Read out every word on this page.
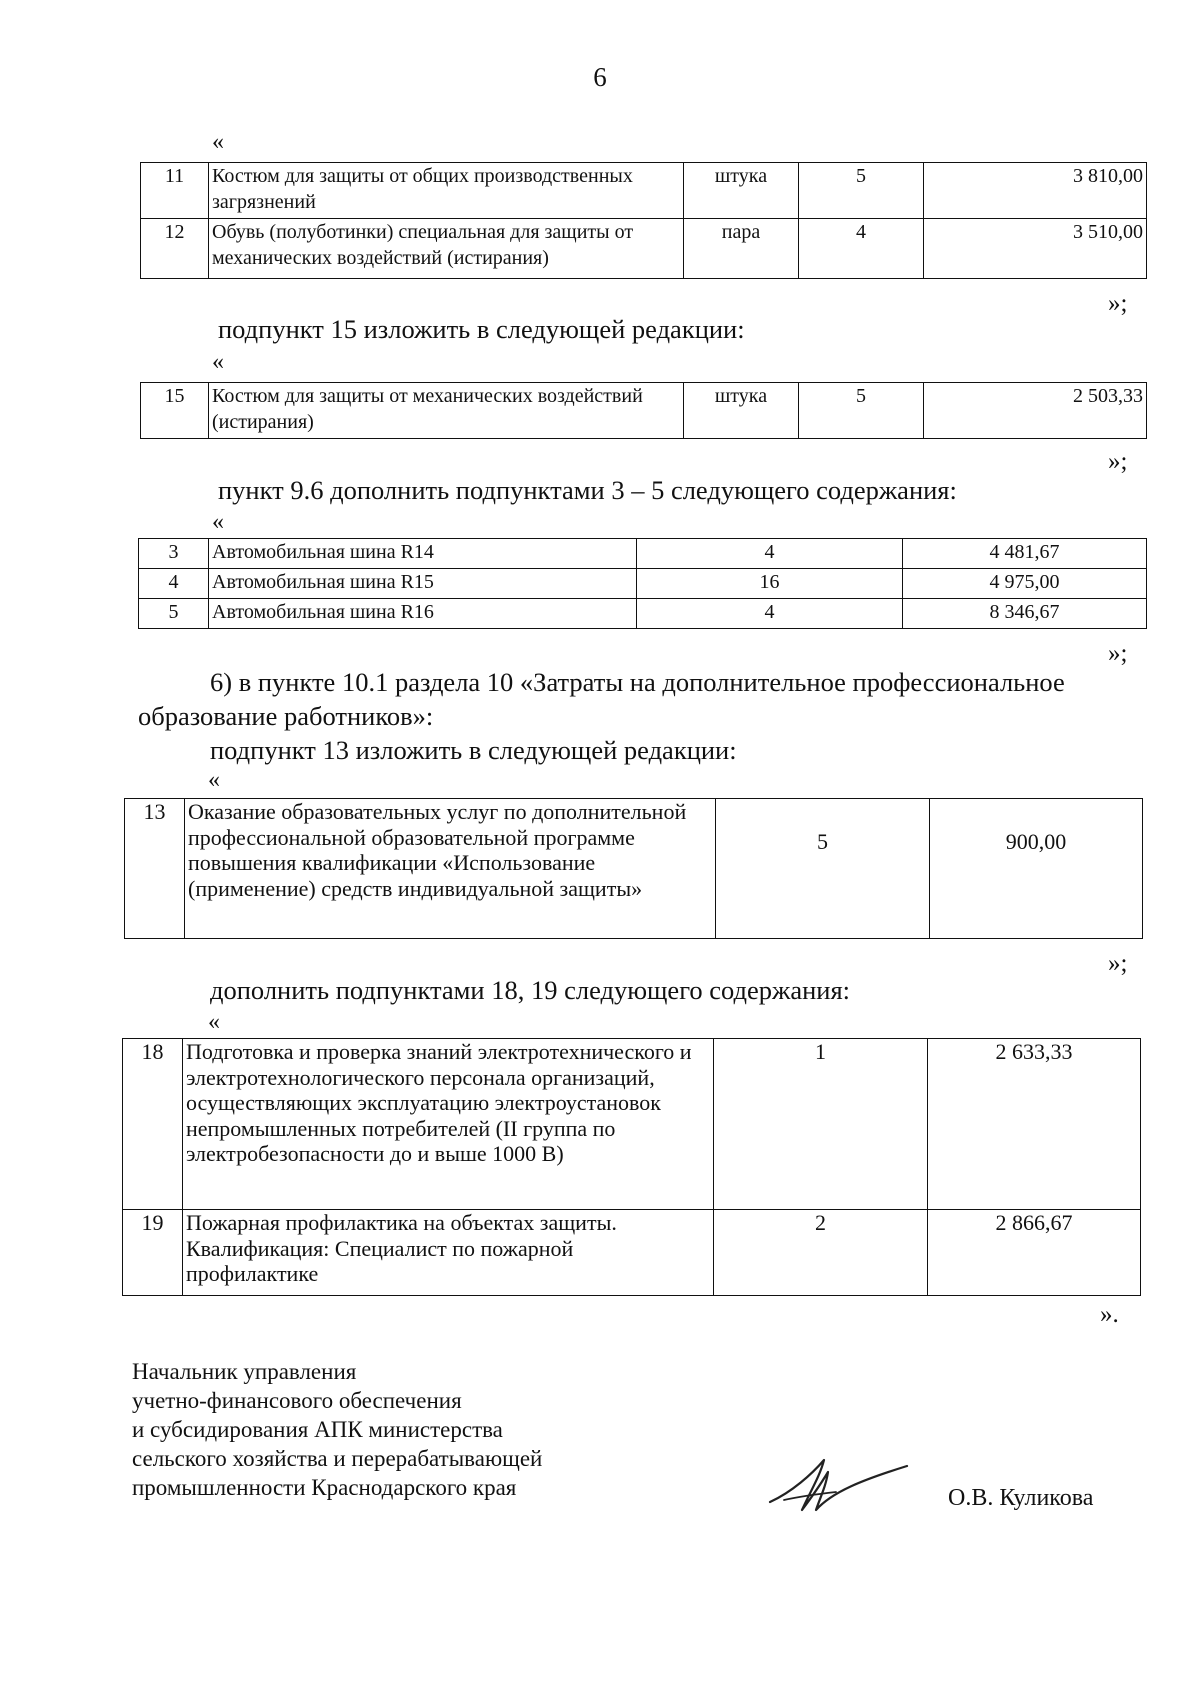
6
«
11	Костюм для защиты от общих производственных загрязнений	штука	5	3 810,00
12	Обувь (полуботинки) специальная для защиты от механических воздействий (истирания)	пара	4	3 510,00
»;

подпункт 15 изложить в следующей редакции:

«
15	Костюм для защиты от механических воздействий (истирания)	штука	5	2 503,33
»;

пункт 9.6 дополнить подпунктами 3 – 5 следующего содержания:

«
3	Автомобильная шина R14	4	4 481,67
4	Автомобильная шина R15	16	4 975,00
5	Автомобильная шина R16	4	8 346,67
»;

6) в пункте 10.1 раздела 10 «Затраты на дополнительное профессиональное

образование работников»:

подпункт 13 изложить в следующей редакции:

«
13	Оказание образовательных услуг по дополнительной профессиональной образовательной программе повышения квалификации «Использование (применение) средств индивидуальной защиты»	5	900,00
»;

дополнить подпунктами 18, 19 следующего содержания:

«
18	Подготовка и проверка знаний электротехнического и электротехнологического персонала организаций, осуществляющих эксплуатацию электроустановок непромышленных потребителей (II группа по электробезопасности до и выше 1000 В)	1	2 633,33
19	Пожарная профилактика на объектах защиты. Квалификация: Специалист по пожарной профилактике	2	2 866,67
».
Начальник управления
учетно-финансового обеспечения
и субсидирования АПК министерства
сельского хозяйства и перерабатывающей
промышленности Краснодарского края	О.В. Куликова
